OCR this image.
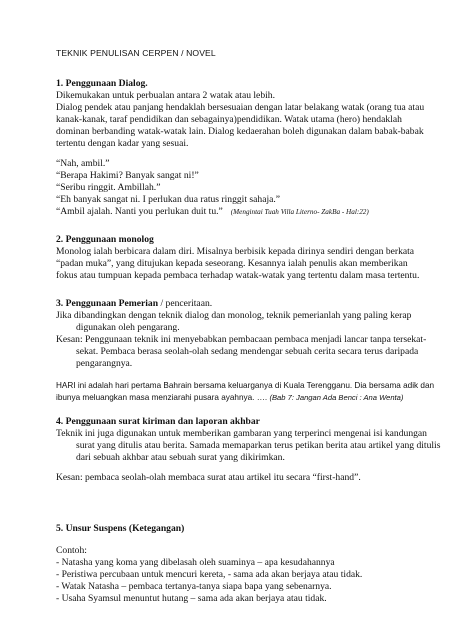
TEKNIK PENULISAN CERPEN / NOVEL
1. Penggunaan Dialog.
Dikemukakan untuk perbualan antara 2 watak atau lebih.
Dialog pendek atau panjang hendaklah bersesuaian dengan latar belakang watak (orang tua atau
kanak-kanak, taraf pendidikan dan sebagainya)pendidikan. Watak utama (hero) hendaklah
dominan berbanding watak-watak lain. Dialog kedaerahan boleh digunakan dalam babak-babak
tertentu dengan kadar yang sesuai.
“Nah, ambil.”
“Berapa Hakimi? Banyak sangat ni!”
“Seribu ringgit. Ambillah.”
“Eh banyak sangat ni. I perlukan dua ratus ringgit sahaja.”
“Ambil ajalah. Nanti you perlukan duit tu.” (Mengintai Tuah Villa Literno- ZakBa - Hal:22)
2. Penggunaan monolog
Monolog ialah berbicara dalam diri. Misalnya berbisik kepada dirinya sendiri dengan berkata
“padan muka”, yang ditujukan kepada seseorang. Kesannya ialah penulis akan memberikan
fokus atau tumpuan kepada pembaca terhadap watak-watak yang tertentu dalam masa tertentu.
3. Penggunaan Pemerian / penceritaan.
Jika dibandingkan dengan teknik dialog dan monolog, teknik pemerianlah yang paling kerap
digunakan oleh pengarang.
Kesan: Penggunaan teknik ini menyebabkan pembacaan pembaca menjadi lancar tanpa tersekat-
sekat. Pembaca berasa seolah-olah sedang mendengar sebuah cerita secara terus daripada
pengarangnya.
HARI ini adalah hari pertama Bahrain bersama keluarganya di Kuala Terengganu. Dia bersama adik dan
ibunya meluangkan masa menziarahi pusara ayahnya. …. (Bab 7: Jangan Ada Benci : Ana Wenta)
4. Penggunaan surat kiriman dan laporan akhbar
Teknik ini juga digunakan untuk memberikan gambaran yang terperinci mengenai isi kandungan
surat yang ditulis atau berita. Samada memaparkan terus petikan berita atau artikel yang ditulis
dari sebuah akhbar atau sebuah surat yang dikirimkan.
Kesan: pembaca seolah-olah membaca surat atau artikel itu secara “first-hand”.
5. Unsur Suspens (Ketegangan)
Contoh:
- Natasha yang koma yang dibelasah oleh suaminya – apa kesudahannya
- Peristiwa percubaan untuk mencuri kereta, - sama ada akan berjaya atau tidak.
- Watak Natasha – pembaca tertanya-tanya siapa bapa yang sebenarnya.
- Usaha Syamsul menuntut hutang – sama ada akan berjaya atau tidak.
